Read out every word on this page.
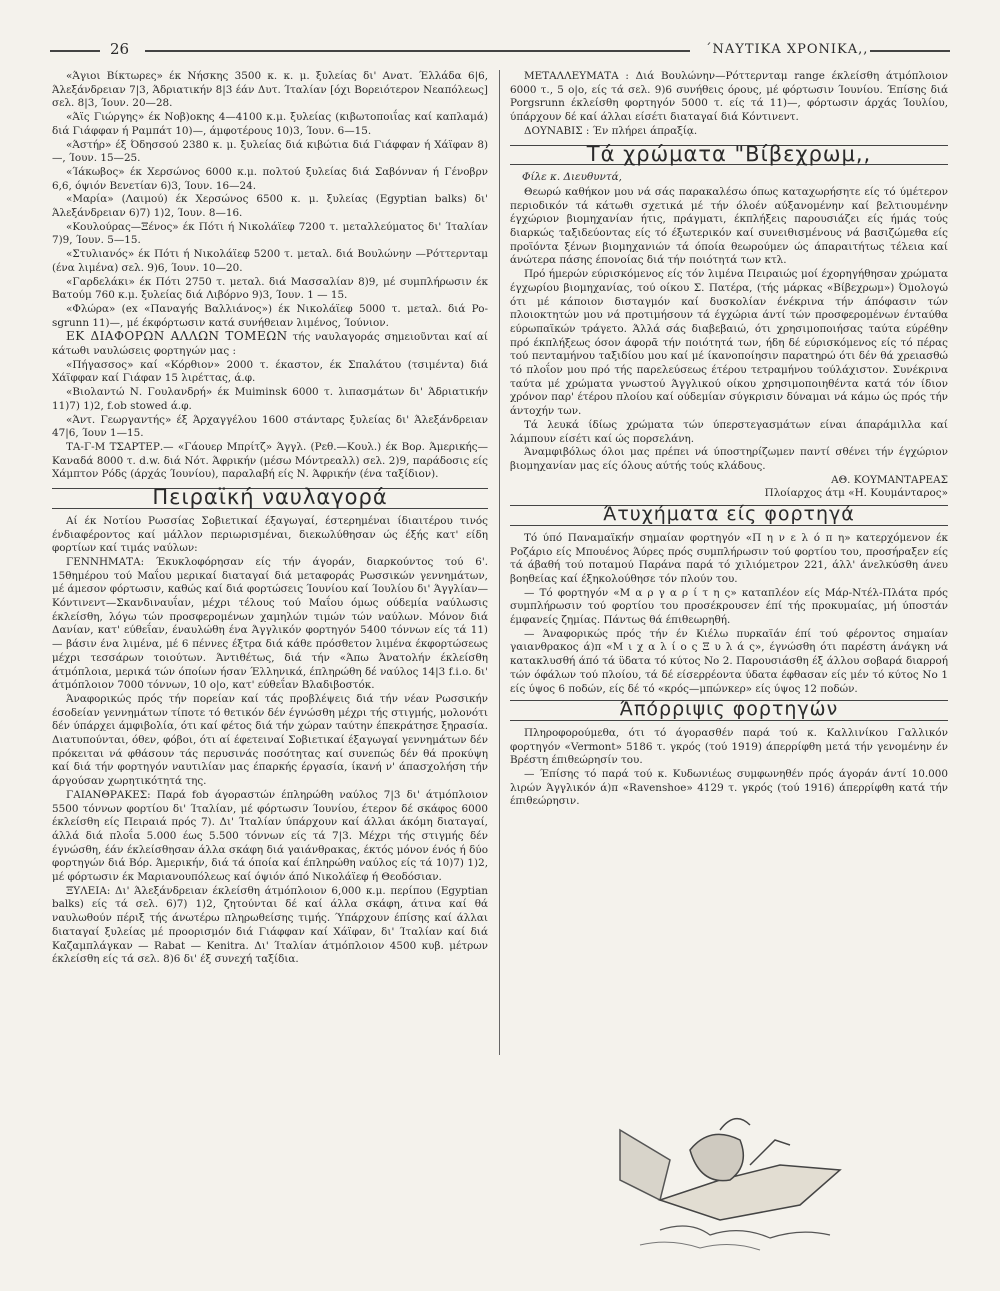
26	΄ΝΑΥΤΙΚΑ ΧΡΟΝΙΚΑ,,

«Άγιοι Βίκτωρες» έκ Νήσκης 3500 κ. κ. μ. ξυλείας δι' Ανατ. Έλλάδα 6|6, Άλεξάνδρειαν 7|3, Άδριατικήν 8|3 έάν Δυτ. Ίταλίαν [όχι Βορειότερον Νεαπόλεως] σελ. 8|3, Ίουν. 20—28.

«Άϊς Γιώργης» έκ Νοβ)οκης 4—4100 κ.μ. ξυλείας (κιβωτοποιΐας καί καπλαμά) διά Γιάφφαν ή Ραμπάτ 10)—, άμφοτέρους 10)3, Ίουν. 6—15.

«Άστήρ» έξ Όδησσού 2380 κ. μ. ξυλείας διά κιβώτια διά Γιάφφαν ή Χάϊφαν 8)—, Ίουν. 15—25.

«Ίάκωβος» έκ Χερσώνος 6000 κ.μ. πολτού ξυλείας διά Σαβόνναν ή Γένοβρν 6,6, όψιόν Βενετίαν 6)3, Ίουν. 16—24.

«Μαρία» (Λαιμού) έκ Χερσώνος 6500 κ. μ. ξυλείας (Egyptian balks) δι' Άλεξάνδρειαν 6)7) 1)2, Ίουν. 8—16.

«Κουλούρας—Ξένος» έκ Πότι ή Νικολάϊεφ 7200 τ. μεταλλεύματος δι' Ίταλίαν 7)9, Ίουν. 5—15.

«Στυλιανός» έκ Πότι ή Νικολάϊεφ 5200 τ. μεταλ. διά Βουλώνην —Ρόττερνταμ (ένα λιμένα) σελ. 9)6, Ίουν. 10—20.

«Γαρδελάκι» έκ Πότι 2750 τ. μεταλ. διά Μασσαλίαν 8)9, μέ συμπλήρωσιν έκ Βατούμ 760 κ.μ. ξυλείας διά Λιβόρνο 9)3, Ίουν. 1 — 15.

«Φλώρα» (ex «Παναγής Βαλλιάνος») έκ Νικολάϊεφ 5000 τ. μεταλ. διά Po-sgrunn 11)—, μέ έκφόρτωσιν κατά συνήθειαν λιμένος, Ίούνιον.

ΕΚ ΔΙΑΦΟΡΩΝ ΑΛΛΩΝ ΤΟΜΕΩΝ τής ναυλαγοράς σημειοῦνται καί αί κάτωθι ναυλώσεις φορτηγών μας :

«Πήγασσος» καί «Κόρθιον» 2000 τ. έκαστον, έκ Σπαλάτου (τσιμέντα) διά Χάϊφφαν καί Γιάφαν 15 λιρέττας, ά.φ.

«Βιολαντώ Ν. Γουλανδρή» έκ Muiminsk 6000 τ. λιπασμάτων δι' Άδριατικήν 11)7) 1)2, f.ob stowed ά.φ.

«Άντ. Γεωργαντής» έξ Άρχαγγέλου 1600 στάνταρς ξυλείας δι' Άλεξάνδρειαν 47|6, Ίουν 1—15.

ΤΑ-Γ-Μ ΤΣΑΡΤΕΡ.— «Γάουερ Μπρίτζ» Άγγλ. (Ρεθ.—Κουλ.) έκ Βορ. Άμερικής—Καναδά 8000 τ. d.w. διά Νότ. Άφρικήν (μέσω Μόντρεαλλ) σελ. 2)9, παράδοσις είς Χάμπτον Ρόδς (άρχάς Ίουνίου), παραλαβή είς Ν. Άφρικήν (ένα ταξίδιον).

Πειραϊκή ναυλαγορά

Αί έκ Νοτίου Ρωσσίας Σοβιετικαί έξαγωγαί, έστερημέναι ίδιαιτέρου τινός ένδιαφέροντος καί μάλλον περιωρισμέναι, διεκωλύθησαν ώς έξής κατ' είδη φορτίων καί τιμάς ναύλων:

ΓΕΝΝΗΜΑΤΑ: Έκυκλοφόρησαν είς τήν άγοράν, διαρκούντος τού 6'. 15θημέρου τού Μαΐου μερικαί διαταγαί διά μεταφοράς Ρωσσικών γεννημάτων, μέ άμεσον φόρτωσιν, καθώς καί διά φορτώσεις Ίουνίου καί Ίουλίου δι' Άγγλίαν—Κόντινεντ—Σκανδιναυΐαν, μέχρι τέλους τού Μαΐου όμως ούδεμία ναύλωσις έκλείσθη, λόγω τών προσφερομένων χαμηλών τιμών τών ναύλων. Μόνον διά Δανίαν, κατ' εύθεΐαν, έναυλώθη ένα Άγγλικόν φορτηγόν 5400 τόννων είς τά 11)— βάσιν ένα λιμένα, μέ 6 πέννες έξτρα διά κάθε πρόσθετον λιμένα έκφορτώσεως μέχρι τεσσάρων τοιούτων. Άντιθέτως, διά τήν «Άπω Άνατολήν έκλείσθη άτμόπλοια, μερικά τών όποίων ήσαν Έλληνικά, έπληρώθη δέ ναύλος 14|3 f.i.o. δι' άτμόπλοιον 7000 τόννων, 10 ο|ο, κατ' εύθεΐαν Βλαδιβοστόκ.

Άναφορικώς πρός τήν πορείαν καί τάς προβλέψεις διά τήν νέαν Ρωσσικήν έσοδείαν γεννημάτων τίποτε τό θετικόν δέν έγνώσθη μέχρι τής στιγμής, μολονότι δέν ύπάρχει άμφιβολία, ότι καί φέτος διά τήν χώραν ταύτην έπεκράτησε ξηρασία. Διατυπούνται, όθεν, φόβοι, ότι αί έφετειναί Σοβιετικαί έξαγωγαί γεννημάτων δέν πρόκειται νά φθάσουν τάς περυσινάς ποσότητας καί συνεπώς δέν θά προκύψη καί διά τήν φορτηγόν ναυτιλίαν μας έπαρκής έργασία, ίκανή ν' άπασχολήση τήν άργούσαν χωρητικότητά της.

ΓΑΙΑΝΘΡΑΚΕΣ: Παρά fob άγοραστών έπληρώθη ναύλος 7|3 δι' άτμόπλοιον 5500 τόννων φορτίου δι' Ίταλίαν, μέ φόρτωσιν Ίουνίου, έτερον δέ σκάφος 6000 έκλείσθη είς Πειραιά πρός 7). Δι' Ίταλίαν ύπάρχουν καί άλλαι άκόμη διαταγαί, άλλά διά πλοΐα 5.000 έως 5.500 τόννων είς τά 7|3. Μέχρι τής στιγμής δέν έγνώσθη, έάν έκλείσθησαν άλλα σκάφη διά γαιάνθρακας, έκτός μόνον ένός ή δύο φορτηγών διά Βόρ. Άμερικήν, διά τά όποία καί έπληρώθη ναύλος είς τά 10)7) 1)2, μέ φόρτωσιν έκ Μαριανουπόλεως καί όψιόν άπό Νικολάϊεφ ή Θεοδόσιαν.

ΞΥΛΕΙΑ: Δι' Άλεξάνδρειαν έκλείσθη άτμόπλοιον 6,000 κ.μ. περίπου (Egyptian balks) είς τά σελ. 6)7) 1)2, ζητούνται δέ καί άλλα σκάφη, άτινα καί θά ναυλωθούν πέριξ τής άνωτέρω πληρωθείσης τιμής. Ύπάρχουν έπίσης καί άλλαι διαταγαί ξυλείας μέ προορισμόν διά Γιάφφαν καί Χάϊφαν, δι' Ίταλίαν καί διά Καζαμπλάγκαν — Rabat — Kenitra. Δι' Ίταλίαν άτμόπλοιον 4500 κυβ. μέτρων έκλείσθη είς τά σελ. 8)6 δι' έξ συνεχή ταξίδια.

ΜΕΤΑΛΛΕΥΜΑΤΑ : Διά Βουλώνην—Ρόττερνταμ range έκλείσθη άτμόπλοιον 6000 τ., 5 ο|ο, είς τά σελ. 9)6 συνήθεις όρους, μέ φόρτωσιν Ίουνίου. Έπίσης διά Porgsrunn έκλείσθη φορτηγόν 5000 τ. είς τά 11)—, φόρτωσιν άρχάς Ίουλίου, ύπάρχουν δέ καί άλλαι είσέτι διαταγαί διά Κόντινεντ.

ΔΟΥΝΑΒΙΣ : Έν πλήρει άπραξίᾳ.

Τά χρώματα "Βίβεχρωμ,,

Φίλε κ. Διευθυντά,

Θεωρώ καθήκον μου νά σάς παρακαλέσω όπως καταχωρήσητε είς τό ύμέτερον περιοδικόν τά κάτωθι σχετικά μέ τήν όλοέν αύξανομένην καί βελτιουμένην έγχώριον βιομηχανίαν ήτις, πράγματι, έκπλήξεις παρουσιάζει είς ήμάς τούς διαρκώς ταξιδεύοντας είς τό έξωτερικόν καί συνειθισμένους νά βασιζώμεθα είς προϊόντα ξένων βιομηχανιών τά όποία θεωρούμεν ώς άπαραιτήτως τέλεια καί άνώτερα πάσης έπονοίας διά τήν ποιότητά των κτλ.

Πρό ήμερών εύρισκόμενος είς τόν λιμένα Πειραιώς μοί έχορηγήθησαν χρώματα έγχωρίου βιομηχανίας, τού οίκου Σ. Πατέρα, (τής μάρκας «Βίβεχρωμ») Όμολογώ ότι μέ κάποιον δισταγμόν καί δυσκολίαν ένέκρινα τήν άπόφασιν τών πλοιοκτητών μου νά προτιμήσουν τά έγχώρια άντί τών προσφερομένων ένταύθα εύρωπαϊκών τράγετο. Άλλά σάς διαβεβαιώ, ότι χρησιμοποιήσας ταύτα εύρέθην πρό έκπλήξεως όσον άφορᾶ τήν ποιότητά των, ήδη δέ εύρισκόμενος είς τό πέρας τού πενταμήνου ταξιδίου μου καί μέ ίκανοποίησιν παρατηρώ ότι δέν θά χρειασθώ τό πλοΐον μου πρό τής παρελεύσεως έτέρου τετραμήνου τούλάχιστον. Συνέκρινα ταύτα μέ χρώματα γνωστού Άγγλικού οίκου χρησιμοποιηθέντα κατά τόν ίδιον χρόνον παρ' έτέρου πλοίου καί ούδεμίαν σύγκρισιν δύναμαι νά κάμω ώς πρός τήν άντοχήν των.

Τά λευκά ίδίως χρώματα τών ύπερστεγασμάτων είναι άπαράμιλλα καί λάμπουν είσέτι καί ώς πορσελάνη.

Άναμφιβόλως όλοι μας πρέπει νά ύποστηρίζωμεν παντί σθένει τήν έγχώριον βιομηχανίαν μας είς όλους αύτής τούς κλάδους.

ΑΘ. ΚΟΥΜΑΝΤΑΡΕΑΣ

Πλοίαρχος άτμ «Η. Κουμάνταρος»

Άτυχήματα είς φορτηγά

Τό ύπό Παναμαϊκήν σημαίαν φορτηγόν «Π η ν ε λ ό π η» κατερχόμενον έκ Ροζάριο είς Μπουένος Άύρες πρός συμπλήρωσιν τού φορτίου του, προσήραξεν είς τά άβαθή τού ποταμού Παράνα παρά τό χιλιόμετρον 221, άλλ' άνελκύσθη άνευ βοηθείας καί έξηκολούθησε τόν πλούν του.

— Τό φορτηγόν «Μ α ρ γ α ρ ί τ η ς» καταπλέον είς Μάρ-Ντέλ-Πλάτα πρός συμπλήρωσιν τού φορτίου του προσέκρουσεν έπί τής προκυμαίας, μή ύποστάν έμφανείς ζημίας. Πάντως θά έπιθεωρηθή.

— Άναφορικώς πρός τήν έν Κιέλω πυρκαϊάν έπί τού φέροντος σημαίαν γαιανθρακος ά)π «Μ ι χ α λ ί ο ς Ξ υ λ ά ς», έγνώσθη ότι παρέστη άνάγκη νά κατακλυσθή άπό τά ϋδατα τό κύτος Νο 2. Παρουσιάσθη έξ άλλου σοβαρά διαρροή τών όφάλων τού πλοίου, τά δέ είσερρέοντα ύδατα έφθασαν είς μέν τό κύτος Νο 1 είς ύψος 6 ποδών, είς δέ τό «κρός—μπώνκερ» είς ύψος 12 ποδών.

Άπόρριψις φορτηγών

Πληροφορούμεθα, ότι τό άγορασθέν παρά τού κ. Καλλινίκου Γαλλικόν φορτηγόν «Vermont» 5186 τ. γκρός (τού 1919) άπερρίφθη μετά τήν γενομένην έν Βρέστη έπιθεώρησίν του.

— Έπίσης τό παρά τού κ. Κυδωνιέως συμφωνηθέν πρός άγοράν άντί 10.000 λιρών Άγγλικόν ά)π «Ravenshoe» 4129 τ. γκρός (τού 1916) άπερρίφθη κατά τήν έπιθεώρησιν.
